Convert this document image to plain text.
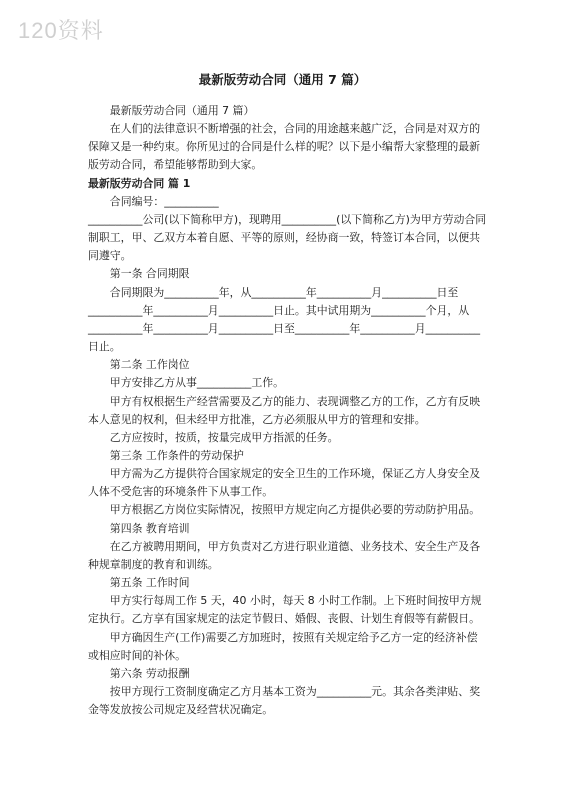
120资料
最新版劳动合同（通用 7 篇）

最新版劳动合同（通用 7 篇）

在人们的法律意识不断增强的社会，合同的用途越来越广泛，合同是对双方的保障又是一种约束。你所见过的合同是什么样的呢？以下是小编帮大家整理的最新版劳动合同，希望能够帮助到大家。

最新版劳动合同 篇 1

合同编号：__________

__________公司(以下简称甲方)，现聘用__________(以下简称乙方)为甲方劳动合同制职工，甲、乙双方本着自愿、平等的原则，经协商一致，特签订本合同，以便共同遵守。

第一条 合同期限

合同期限为__________年，从__________年__________月__________日至__________年__________月__________日止。其中试用期为__________个月，从__________年__________月__________日至__________年__________月__________日止。

第二条 工作岗位

甲方安排乙方从事__________工作。

甲方有权根据生产经营需要及乙方的能力、表现调整乙方的工作，乙方有反映本人意见的权利，但未经甲方批准，乙方必须服从甲方的管理和安排。

乙方应按时，按质，按量完成甲方指派的任务。

第三条 工作条件的劳动保护

甲方需为乙方提供符合国家规定的安全卫生的工作环境，保证乙方人身安全及人体不受危害的环境条件下从事工作。

甲方根据乙方岗位实际情况，按照甲方规定向乙方提供必要的劳动防护用品。

第四条 教育培训

在乙方被聘用期间，甲方负责对乙方进行职业道德、业务技术、安全生产及各种规章制度的教育和训练。

第五条 工作时间

甲方实行每周工作 5 天，40 小时，每天 8 小时工作制。上下班时间按甲方规定执行。乙方享有国家规定的法定节假日、婚假、丧假、计划生育假等有薪假日。

甲方确因生产(工作)需要乙方加班时，按照有关规定给予乙方一定的经济补偿或相应时间的补休。

第六条 劳动报酬

按甲方现行工资制度确定乙方月基本工资为__________元。其余各类津贴、奖金等发放按公司规定及经营状况确定。
